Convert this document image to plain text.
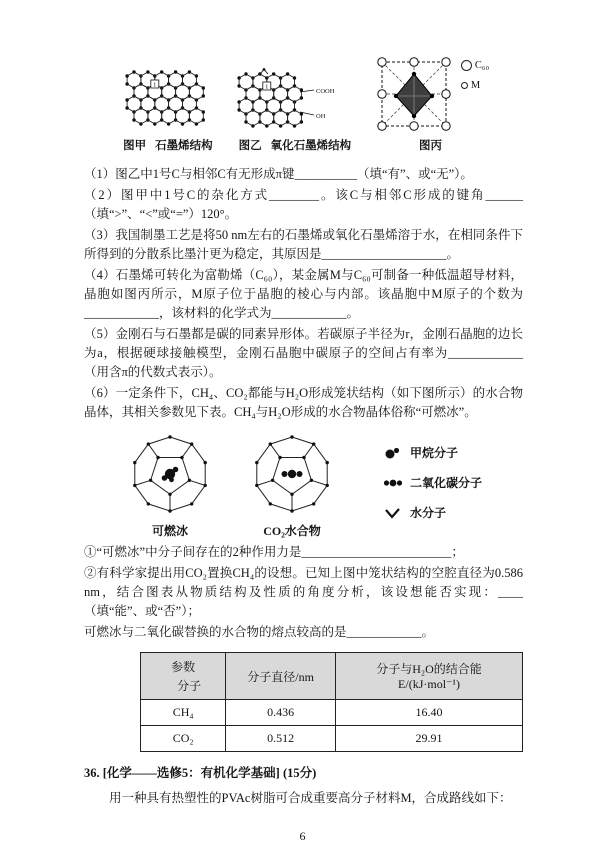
1
图甲 石墨烯结构
1
COOH
OH
图乙 氧化石墨烯结构
C₆₀
M
图丙
（1）图乙中1号C与相邻C有无形成π键__________（填“有”、或“无”）。
（2）图甲中1号C的杂化方式________。该C与相邻C形成的键角______（填“>”、“<”或“=”）120°。
（3）我国制墨工艺是将50 nm左右的石墨烯或氧化石墨烯溶于水，在相同条件下所得到的分散系比墨汁更为稳定，其原因是____________________。
（4）石墨烯可转化为富勒烯（C₆₀），某金属M与C₆₀可制备一种低温超导材料，晶胞如图丙所示，M原子位于晶胞的棱心与内部。该晶胞中M原子的个数为____________，该材料的化学式为____________。
（5）金刚石与石墨都是碳的同素异形体。若碳原子半径为r，金刚石晶胞的边长为a，根据硬球接触模型，金刚石晶胞中碳原子的空间占有率为____________（用含π的代数式表示）。
（6）一定条件下，CH₄、CO₂都能与H₂O形成笼状结构（如下图所示）的水合物晶体，其相关参数见下表。CH₄与H₂O形成的水合物晶体俗称“可燃冰”。
可燃冰	CO₂水合物
甲烷分子
二氧化碳分子
水分子
①“可燃冰”中分子间存在的2种作用力是________________________；
②有科学家提出用CO₂置换CH₄的设想。已知上图中笼状结构的空腔直径为0.586 nm，结合图表从物质结构及性质的角度分析，该设想能否实现：____（填“能”、或“否”）；
可燃冰与二氧化碳替换的水合物的熔点较高的是____________。
参数
分子	分子直径/nm	分子与H₂O的结合能E/(kJ·mol⁻¹)
CH₄	0.436	16.40
CO₂	0.512	29.91
36. [化学——选修5：有机化学基础] (15分)
用一种具有热塑性的PVAc树脂可合成重要高分子材料M，合成路线如下：
6
